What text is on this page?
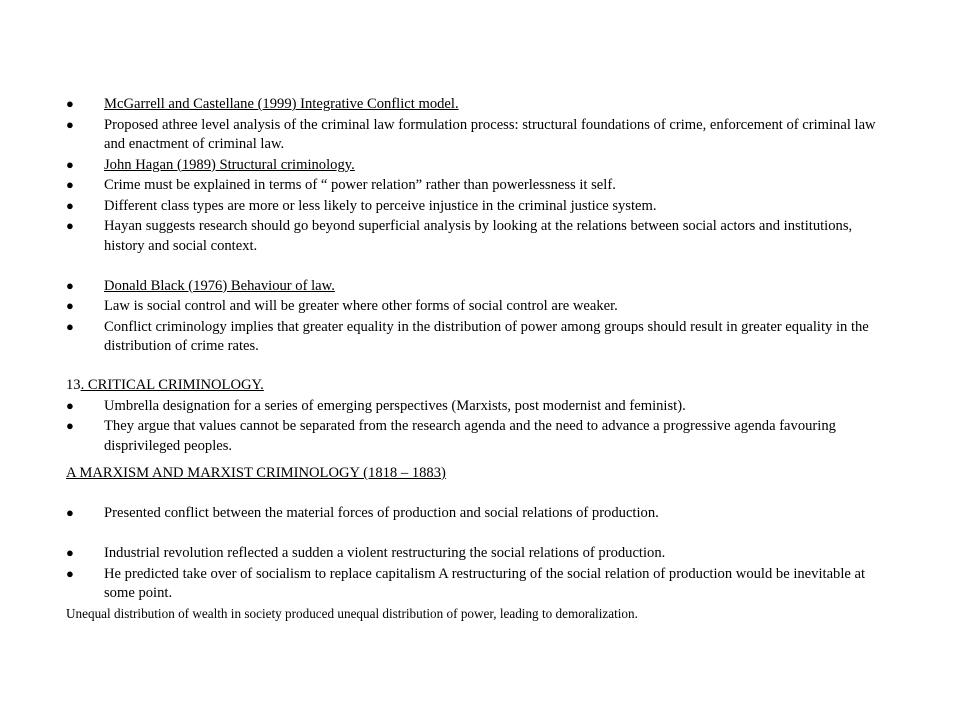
● McGarrell and Castellane (1999) Integrative Conflict model.

● Proposed athree level analysis of the criminal law formulation process: structural foundations of crime, enforcement of criminal law and enactment of criminal law.

● John Hagan (1989) Structural criminology.

● Crime must be explained in terms of “ power relation” rather than powerlessness it self.

● Different class types are more or less likely to perceive injustice in the criminal justice system.

● Hayan suggests research should go beyond superficial analysis by looking at the relations between social actors and institutions, history and social context.

● Donald Black (1976) Behaviour of law.

● Law is social control and will be greater where other forms of social control are weaker.

● Conflict criminology implies that greater equality in the distribution of power among groups should result in greater equality in the distribution of crime rates.

13. CRITICAL CRIMINOLOGY.

● Umbrella designation for a series of emerging perspectives (Marxists, post modernist and feminist).

● They argue that values cannot be separated from the research agenda and the need to advance a progressive agenda favouring disprivileged peoples.

A MARXISM AND MARXIST CRIMINOLOGY (1818 – 1883)

● Presented conflict between the material forces of production and social relations of production.

● Industrial revolution reflected a sudden a violent restructuring the social relations of production.

● He predicted take over of socialism to replace capitalism A restructuring of the social relation of production would be inevitable at some point.

Unequal distribution of wealth in society produced unequal distribution of power, leading to demoralization.
